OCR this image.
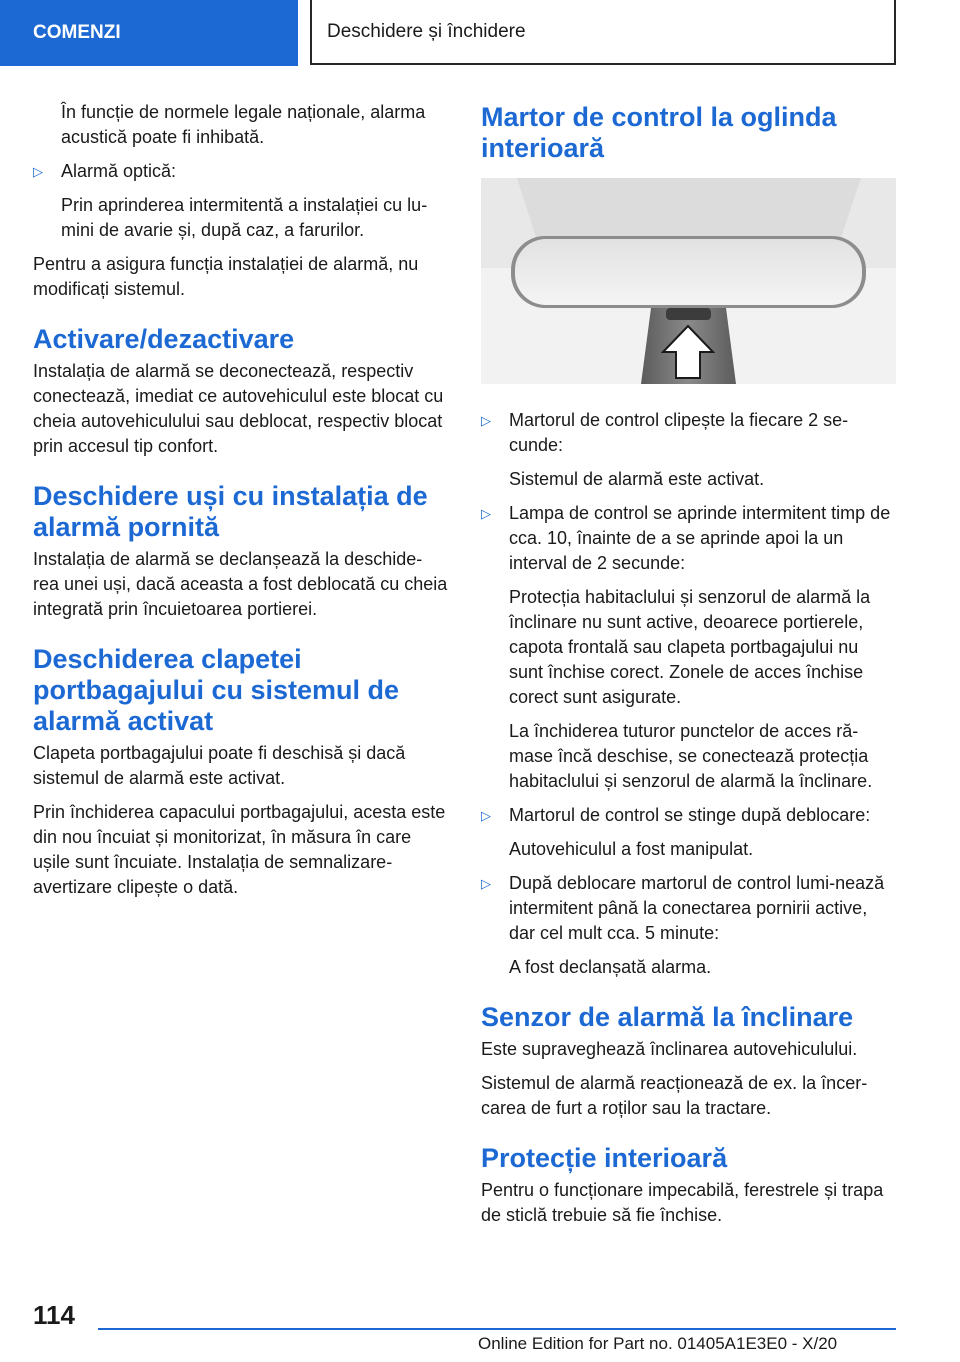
COMENZI	Deschidere și închidere

În funcție de normele legale naționale, alarma acustică poate fi inhibată.

▷ Alarmă optică:

Prin aprinderea intermitentă a instalației cu lu‐mini de avarie și, după caz, a farurilor.

Pentru a asigura funcția instalației de alarmă, nu modificați sistemul.

Activare/dezactivare

Instalația de alarmă se deconectează, respectiv conectează, imediat ce autovehiculul este blocat cu cheia autovehiculului sau deblocat, respectiv blocat prin accesul tip confort.

Deschidere uși cu instalația de alarmă pornită

Instalația de alarmă se declanșează la deschide‐rea unei uși, dacă aceasta a fost deblocată cu cheia integrată prin încuietoarea portierei.

Deschiderea clapetei portbagajului cu sistemul de alarmă activat

Clapeta portbagajului poate fi deschisă și dacă sistemul de alarmă este activat.

Prin închiderea capacului portbagajului, acesta este din nou încuiat și monitorizat, în măsura în care ușile sunt încuiate. Instalația de semnalizare-avertizare clipește o dată.

Martor de control la oglinda interioară
▷ Martorul de control clipește la fiecare 2 se‐cunde:

Sistemul de alarmă este activat.

▷ Lampa de control se aprinde intermitent timp de cca. 10, înainte de a se aprinde apoi la un interval de 2 secunde:

Protecția habitaclului și senzorul de alarmă la înclinare nu sunt active, deoarece portierele, capota frontală sau clapeta portbagajului nu sunt închise corect. Zonele de acces închise corect sunt asigurate.

La închiderea tuturor punctelor de acces ră‐mase încă deschise, se conectează protecția habitaclului și senzorul de alarmă la înclinare.

▷ Martorul de control se stinge după deblocare:

Autovehiculul a fost manipulat.

▷ După deblocare martorul de control lumi‐nează intermitent până la conectarea pornirii active, dar cel mult cca. 5 minute:

A fost declanșată alarma.

Senzor de alarmă la înclinare

Este supraveghează înclinarea autovehiculului.

Sistemul de alarmă reacționează de ex. la încer‐carea de furt a roților sau la tractare.

Protecție interioară

Pentru o funcționare impecabilă, ferestrele și trapa de sticlă trebuie să fie închise.

114
Online Edition for Part no. 01405A1E3E0 - X/20
